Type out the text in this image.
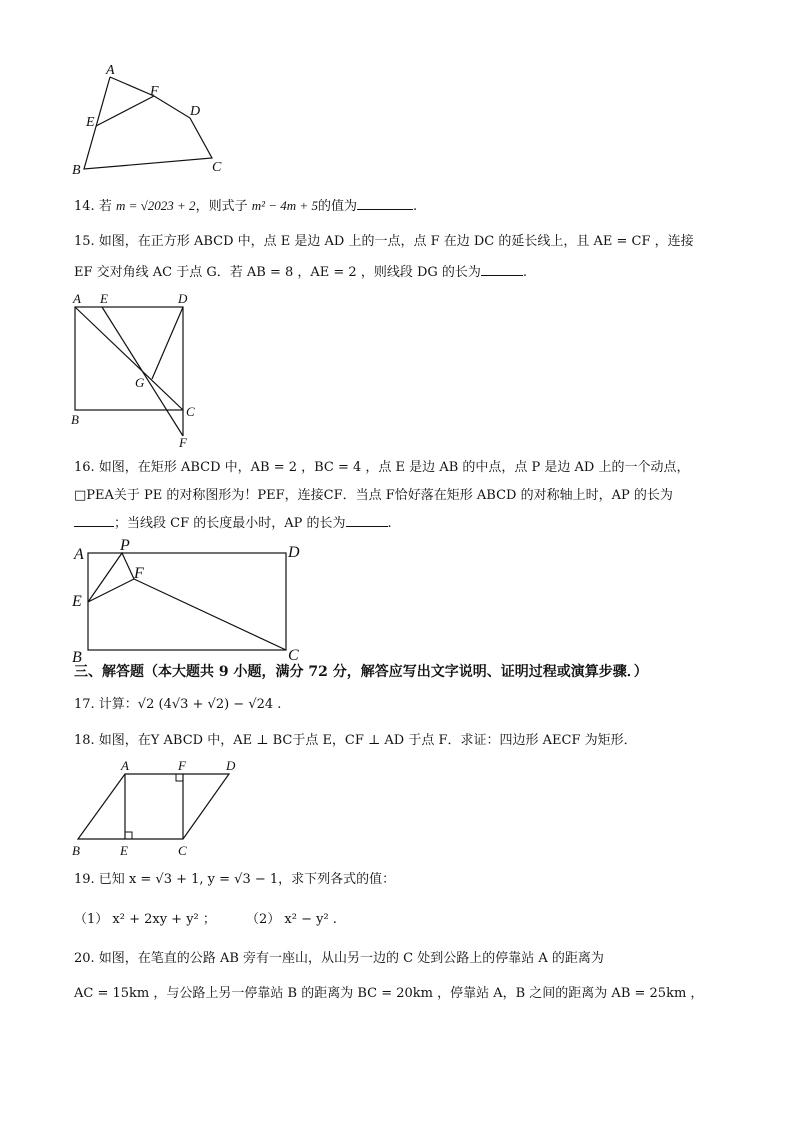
A
B	C
D
E
F
14. 若 m = √2023 + 2，则式子 m² − 4m + 5的值为	.
15. 如图，在正方形 ABCD 中，点 E 是边 AD 上的一点，点 F 在边 DC 的延长线上，且 AE = CF ，连接
EF 交对角线 AC 于点 G．若 AB = 8 ，AE = 2 ，则线段 DG 的长为	.
A E	D
B
C
F
G
16. 如图，在矩形 ABCD 中，AB = 2 ，BC = 4 ，点 E 是边 AB 的中点，点 P 是边 AD 上的一个动点，
□PEA关于 PE 的对称图形为！PEF，连接CF．当点 F恰好落在矩形 ABCD 的对称轴上时，AP 的长为
；当线段 CF 的长度最小时，AP 的长为	.
A
P	D
E
F
B	C
三、解答题（本大题共 9 小题，满分 72 分，解答应写出文字说明、证明过程或演算步骤．）
17. 计算：√2 (4√3 + √2) − √24 .
18. 如图，在Y ABCD 中，AE ⊥ BC于点 E，CF ⊥ AD 于点 F．求证：四边形 AECF 为矩形．
A	F	D
B	E	C
19. 已知 x = √3 + 1, y = √3 − 1，求下列各式的值：
（1） x² + 2xy + y² ； （2） x² − y² .
20. 如图，在笔直的公路 AB 旁有一座山，从山另一边的 C 处到公路上的停靠站 A 的距离为
AC = 15km ，与公路上另一停靠站 B 的距离为 BC = 20km ，停靠站 A，B 之间的距离为 AB = 25km ，
